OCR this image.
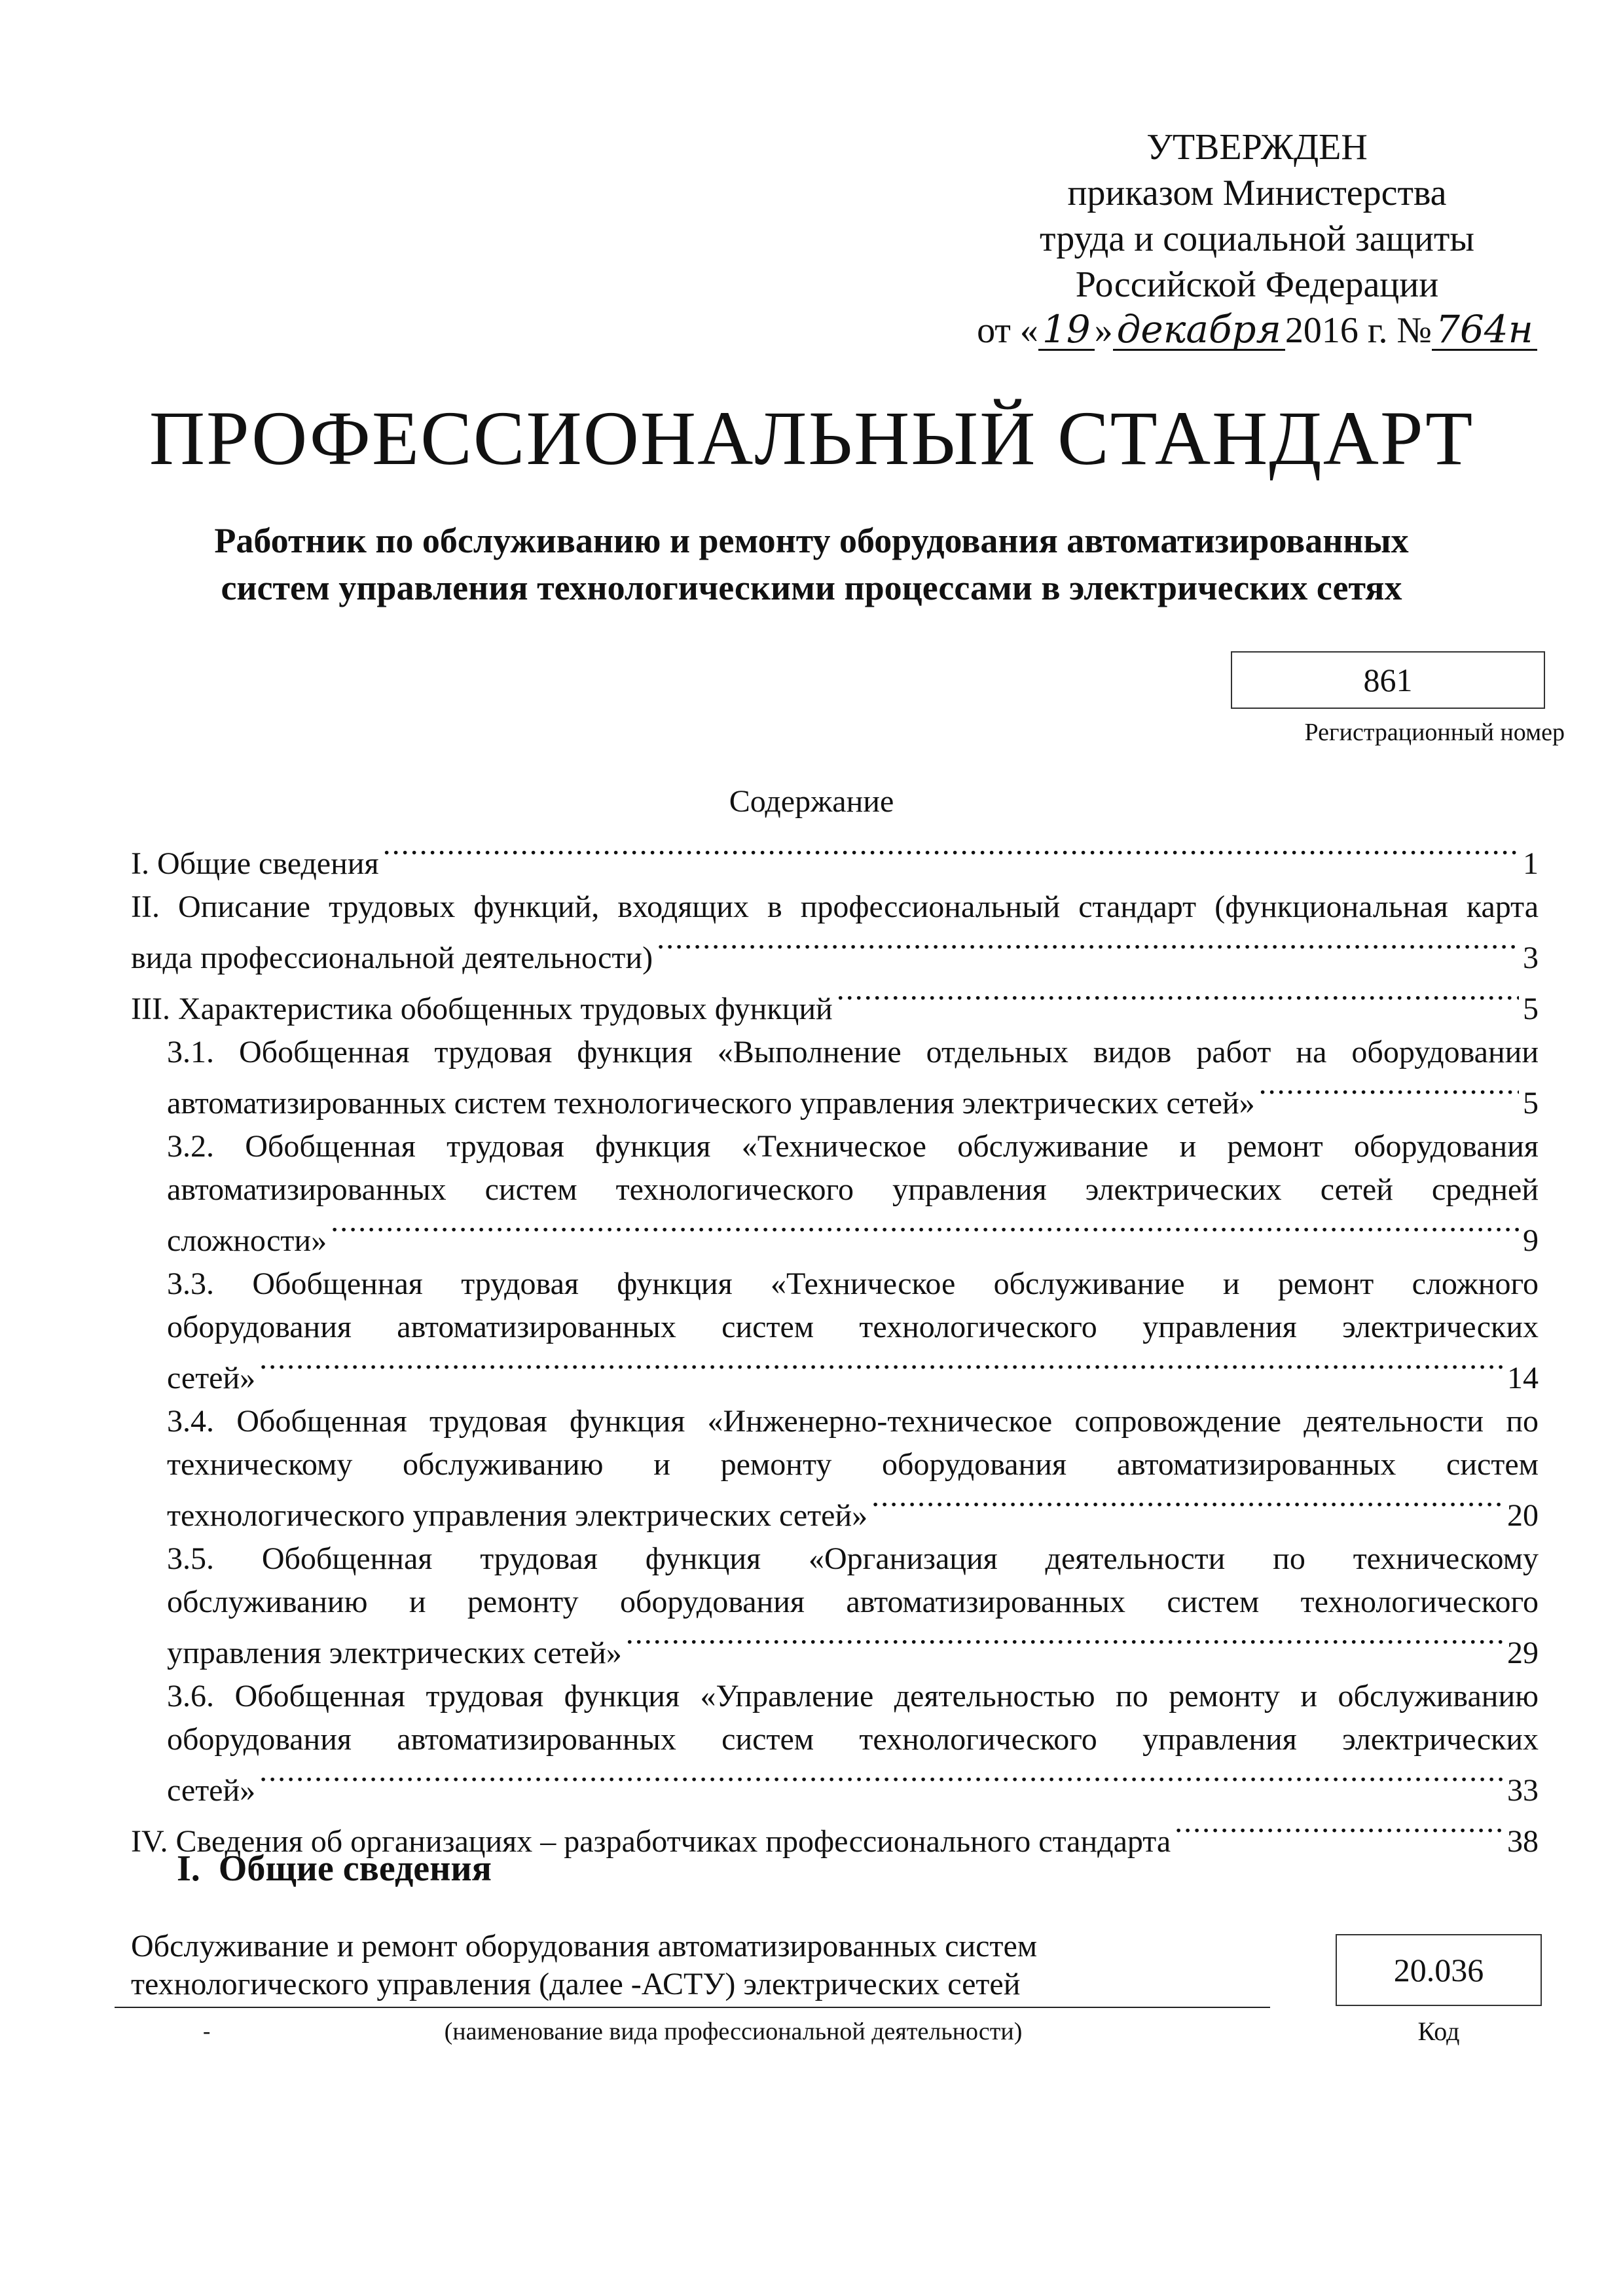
УТВЕРЖДЕН
приказом Министерства
труда и социальной защиты
Российской Федерации
от « 19 » декабря 2016 г. № 764н
ПРОФЕССИОНАЛЬНЫЙ СТАНДАРТ
Работник по обслуживанию и ремонту оборудования автоматизированных
систем управления технологическими процессами в электрических сетях
861
Регистрационный номер
Содержание
I. Общие сведения .....	1
II. Описание трудовых функций, входящих в профессиональный стандарт (функциональная карта
вида профессиональной деятельности) .....	3
III. Характеристика обобщенных трудовых функций .....	5
3.1. Обобщенная трудовая функция «Выполнение отдельных видов работ на оборудовании
автоматизированных систем технологического управления электрических сетей» .....	5
3.2. Обобщенная трудовая функция «Техническое обслуживание и ремонт оборудования
автоматизированных систем технологического управления электрических сетей средней
сложности» .....	9
3.3. Обобщенная трудовая функция «Техническое обслуживание и ремонт сложного
оборудования автоматизированных систем технологического управления электрических
сетей» .....	14
3.4. Обобщенная трудовая функция «Инженерно-техническое сопровождение деятельности по
техническому обслуживанию и ремонту оборудования автоматизированных систем
технологического управления электрических сетей» .....	20
3.5. Обобщенная трудовая функция «Организация деятельности по техническому
обслуживанию и ремонту оборудования автоматизированных систем технологического
управления электрических сетей» .....	29
3.6. Обобщенная трудовая функция «Управление деятельностью по ремонту и обслуживанию
оборудования автоматизированных систем технологического управления электрических
сетей» .....	33
IV. Сведения об организациях – разработчиках профессионального стандарта .....	38
I. Общие сведения
Обслуживание и ремонт оборудования автоматизированных систем
технологического управления (далее -АСТУ) электрических сетей
-	(наименование вида профессиональной деятельности)
20.036
Код
